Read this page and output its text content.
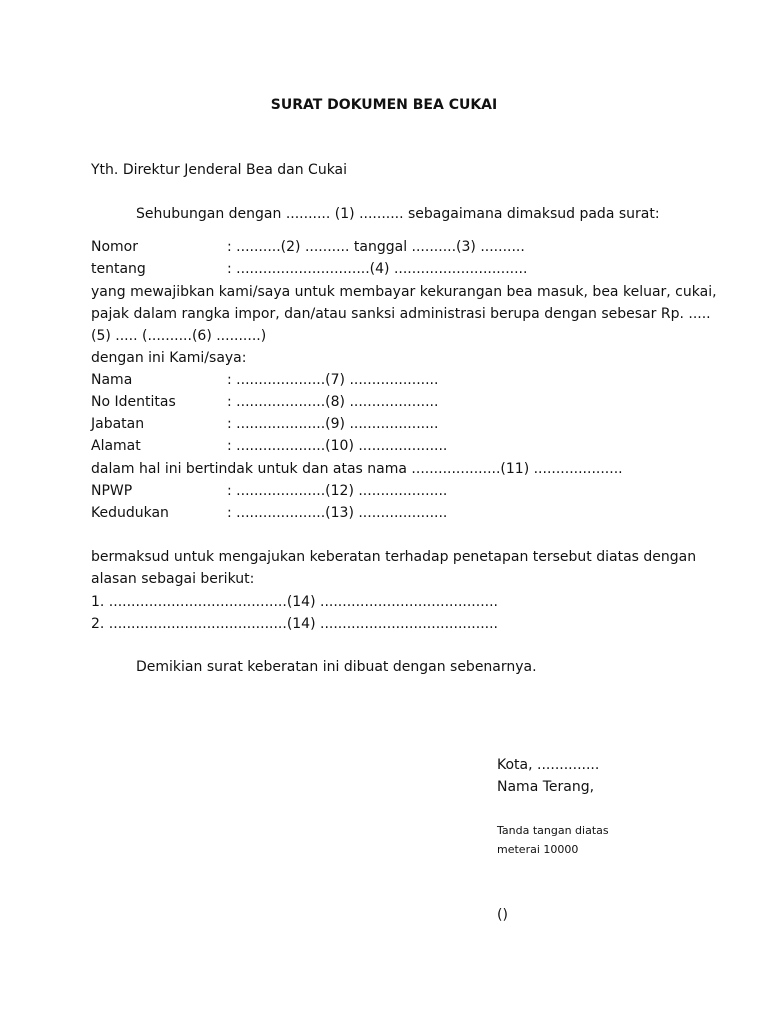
SURAT DOKUMEN BEA CUKAI
Yth. Direktur Jenderal Bea dan Cukai
Sehubungan dengan .......... (1) .......... sebagaimana dimaksud pada surat:
Nomor	: ..........(2) .......... tanggal ..........(3) ..........
tentang	: ..............................(4) ..............................
yang mewajibkan kami/saya untuk membayar kekurangan bea masuk, bea keluar, cukai,
pajak dalam rangka impor, dan/atau sanksi administrasi berupa dengan sebesar Rp. .....
(5) ..... (..........(6) ..........)
dengan ini Kami/saya:
Nama	: ....................(7) ....................
No Identitas	: ....................(8) ....................
Jabatan	: ....................(9) ....................
Alamat	: ....................(10) ....................
dalam hal ini bertindak untuk dan atas nama ....................(11) ....................
NPWP	: ....................(12) ....................
Kedudukan	: ....................(13) ....................
bermaksud untuk mengajukan keberatan terhadap penetapan tersebut diatas dengan
alasan sebagai berikut:
1. ........................................(14) ........................................
2. ........................................(14) ........................................
Demikian surat keberatan ini dibuat dengan sebenarnya.
Kota, ..............
Nama Terang,
Tanda tangan diatas
meterai 10000
()
